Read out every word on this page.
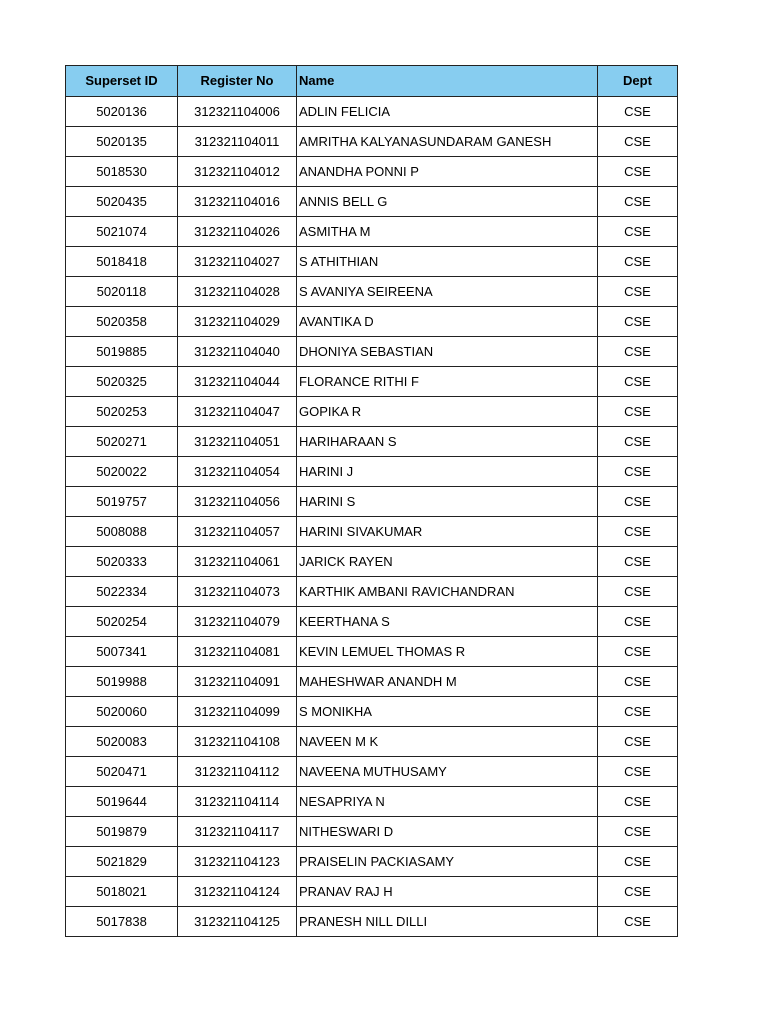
Superset ID	Register No	Name	Dept
5020136	312321104006	ADLIN FELICIA	CSE
5020135	312321104011	AMRITHA KALYANASUNDARAM GANESH	CSE
5018530	312321104012	ANANDHA PONNI P	CSE
5020435	312321104016	ANNIS BELL G	CSE
5021074	312321104026	ASMITHA M	CSE
5018418	312321104027	S ATHITHIAN	CSE
5020118	312321104028	S AVANIYA SEIREENA	CSE
5020358	312321104029	AVANTIKA D	CSE
5019885	312321104040	DHONIYA SEBASTIAN	CSE
5020325	312321104044	FLORANCE RITHI F	CSE
5020253	312321104047	GOPIKA R	CSE
5020271	312321104051	HARIHARAAN S	CSE
5020022	312321104054	HARINI J	CSE
5019757	312321104056	HARINI S	CSE
5008088	312321104057	HARINI SIVAKUMAR	CSE
5020333	312321104061	JARICK RAYEN	CSE
5022334	312321104073	KARTHIK AMBANI RAVICHANDRAN	CSE
5020254	312321104079	KEERTHANA S	CSE
5007341	312321104081	KEVIN LEMUEL THOMAS R	CSE
5019988	312321104091	MAHESHWAR ANANDH M	CSE
5020060	312321104099	S MONIKHA	CSE
5020083	312321104108	NAVEEN M K	CSE
5020471	312321104112	NAVEENA MUTHUSAMY	CSE
5019644	312321104114	NESAPRIYA N	CSE
5019879	312321104117	NITHESWARI D	CSE
5021829	312321104123	PRAISELIN PACKIASAMY	CSE
5018021	312321104124	PRANAV RAJ H	CSE
5017838	312321104125	PRANESH NILL DILLI	CSE
